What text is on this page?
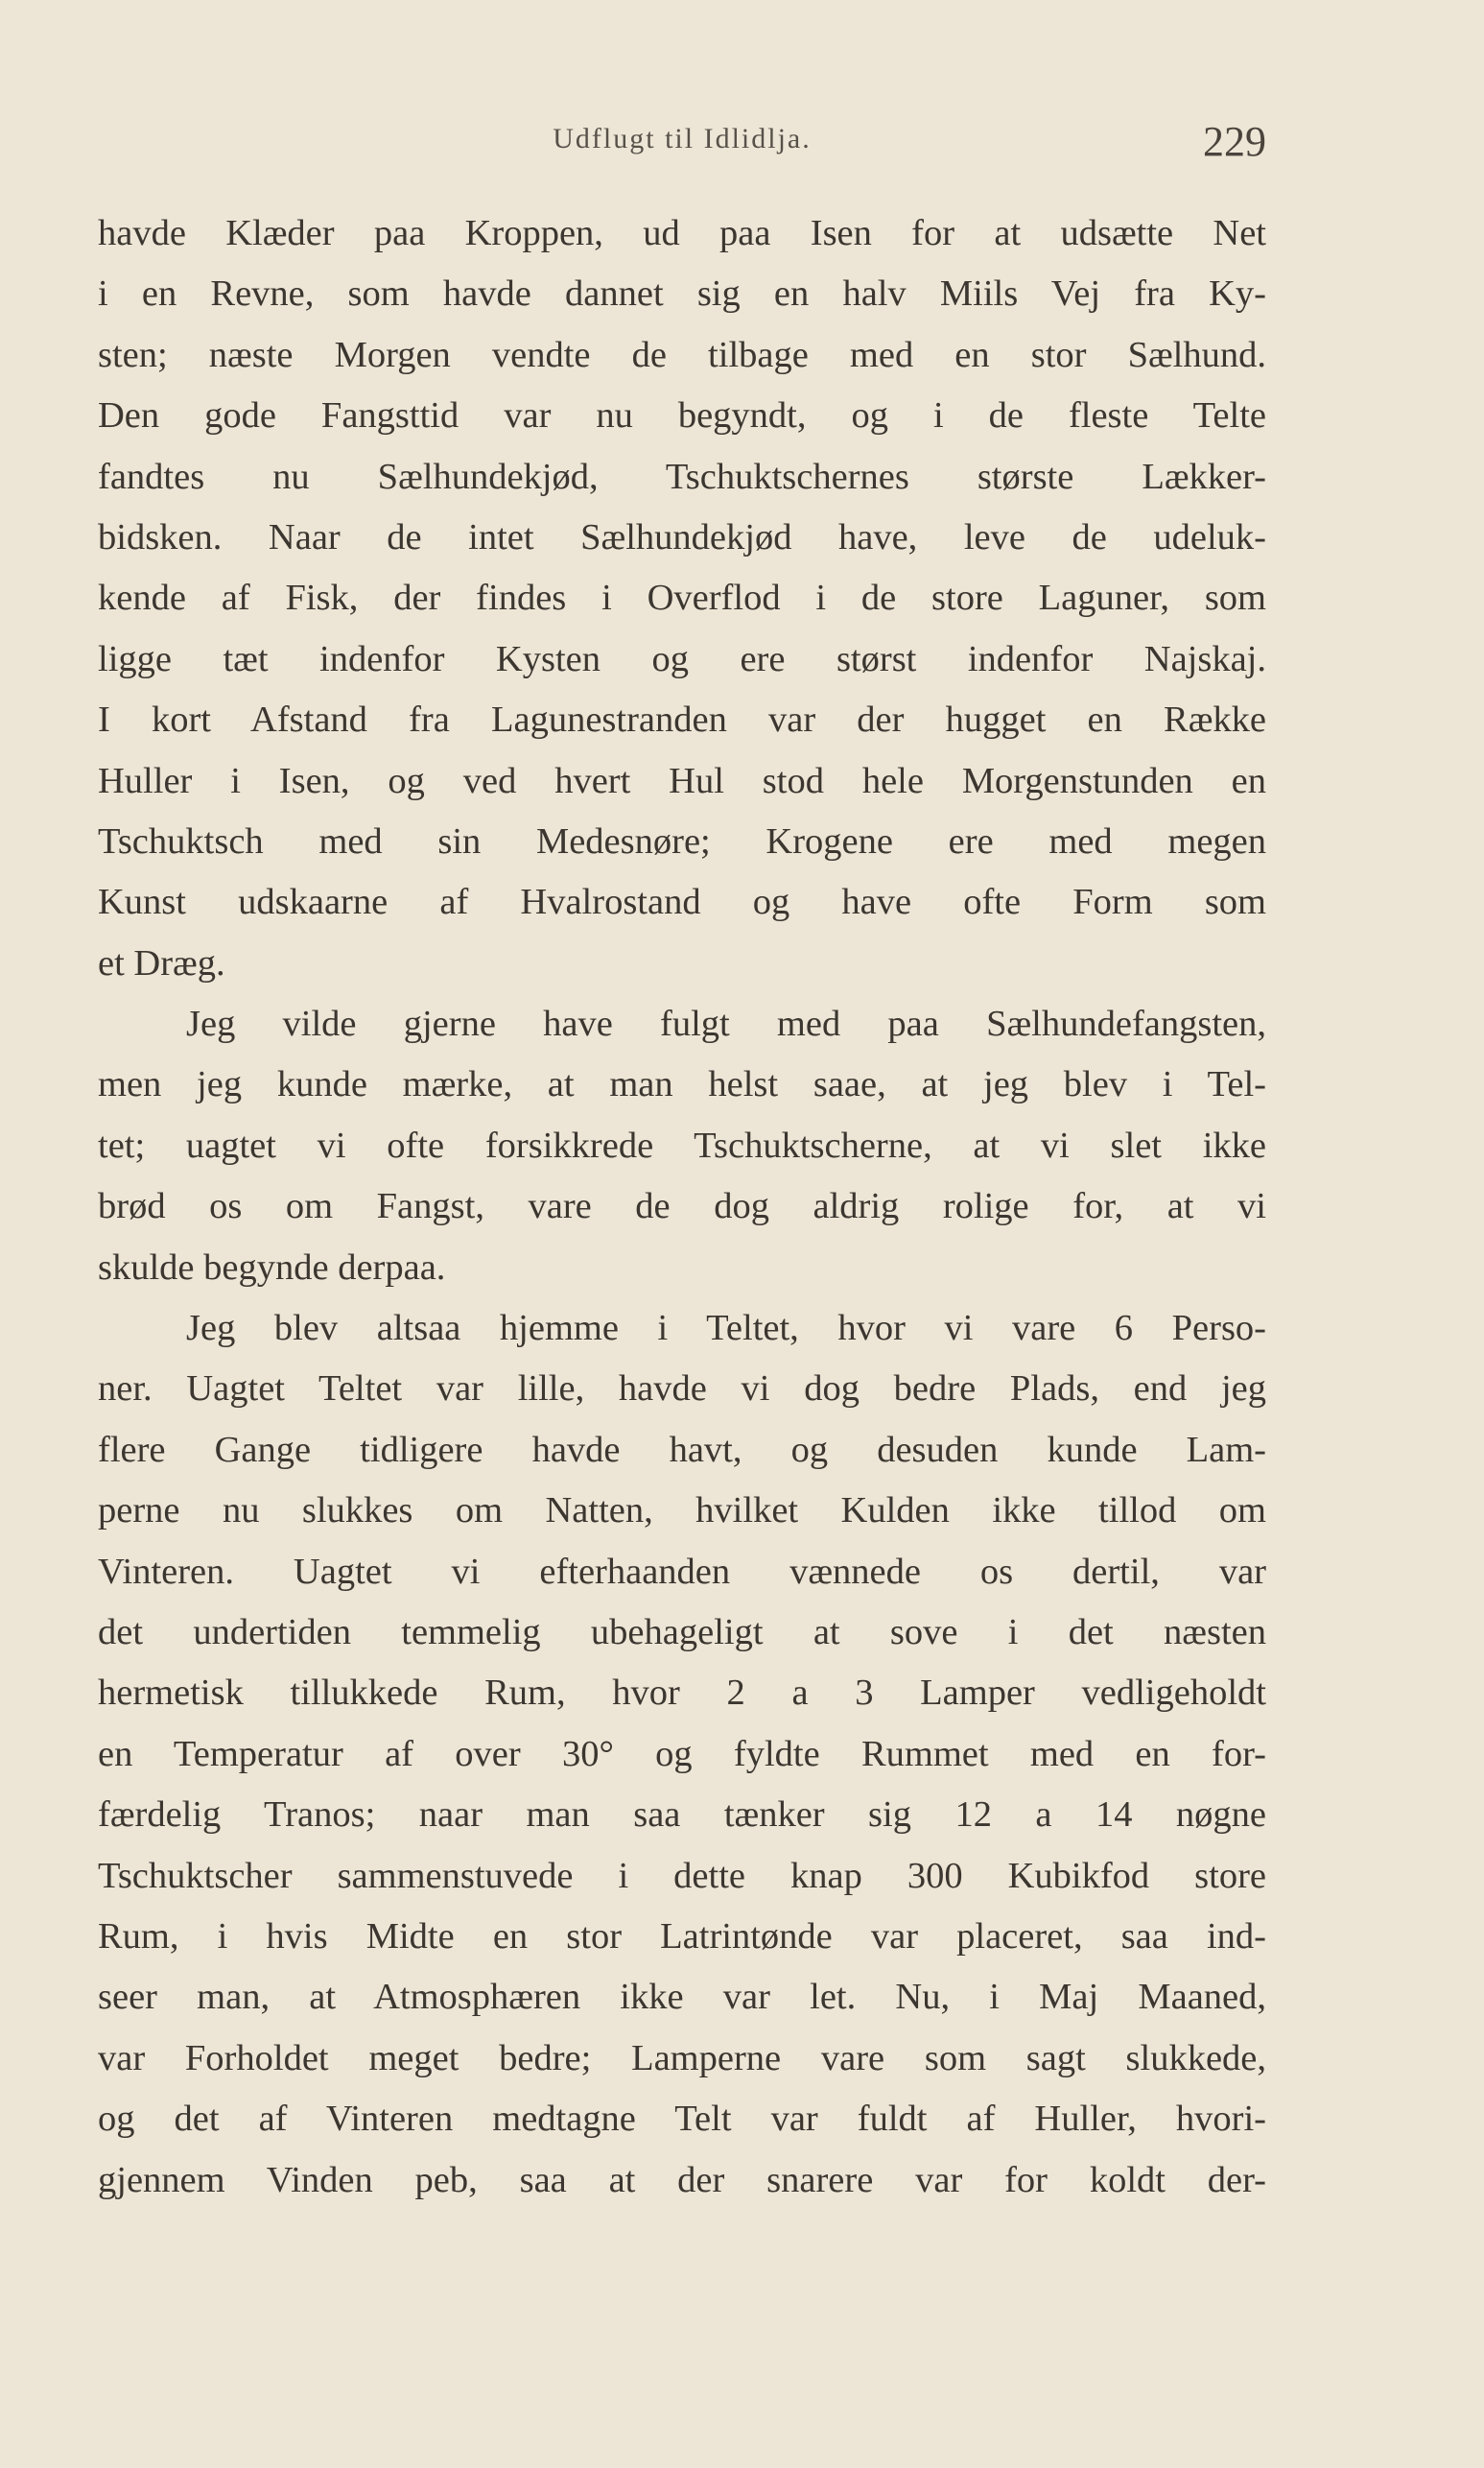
Udflugt til Idlidlja.	229
havde Klæder paa Kroppen, ud paa Isen for at udsætte Net
i en Revne, som havde dannet sig en halv Miils Vej fra Ky-
sten; næste Morgen vendte de tilbage med en stor Sælhund.
Den gode Fangsttid var nu begyndt, og i de fleste Telte
fandtes nu Sælhundekjød, Tschuktschernes største Lækker-
bidsken. Naar de intet Sælhundekjød have, leve de udeluk-
kende af Fisk, der findes i Overflod i de store Laguner, som
ligge tæt indenfor Kysten og ere størst indenfor Najskaj.
I kort Afstand fra Lagunestranden var der hugget en Række
Huller i Isen, og ved hvert Hul stod hele Morgenstunden en
Tschuktsch med sin Medesnøre; Krogene ere med megen
Kunst udskaarne af Hvalrostand og have ofte Form som
et Dræg.
Jeg vilde gjerne have fulgt med paa Sælhundefangsten,
men jeg kunde mærke, at man helst saae, at jeg blev i Tel-
tet; uagtet vi ofte forsikkrede Tschuktscherne, at vi slet ikke
brød os om Fangst, vare de dog aldrig rolige for, at vi
skulde begynde derpaa.
Jeg blev altsaa hjemme i Teltet, hvor vi vare 6 Perso-
ner. Uagtet Teltet var lille, havde vi dog bedre Plads, end jeg
flere Gange tidligere havde havt, og desuden kunde Lam-
perne nu slukkes om Natten, hvilket Kulden ikke tillod om
Vinteren. Uagtet vi efterhaanden vænnede os dertil, var
det undertiden temmelig ubehageligt at sove i det næsten
hermetisk tillukkede Rum, hvor 2 a 3 Lamper vedligeholdt
en Temperatur af over 30° og fyldte Rummet med en for-
færdelig Tranos; naar man saa tænker sig 12 a 14 nøgne
Tschuktscher sammenstuvede i dette knap 300 Kubikfod store
Rum, i hvis Midte en stor Latrintønde var placeret, saa ind-
seer man, at Atmosphæren ikke var let. Nu, i Maj Maaned,
var Forholdet meget bedre; Lamperne vare som sagt slukkede,
og det af Vinteren medtagne Telt var fuldt af Huller, hvori-
gjennem Vinden peb, saa at der snarere var for koldt der-
